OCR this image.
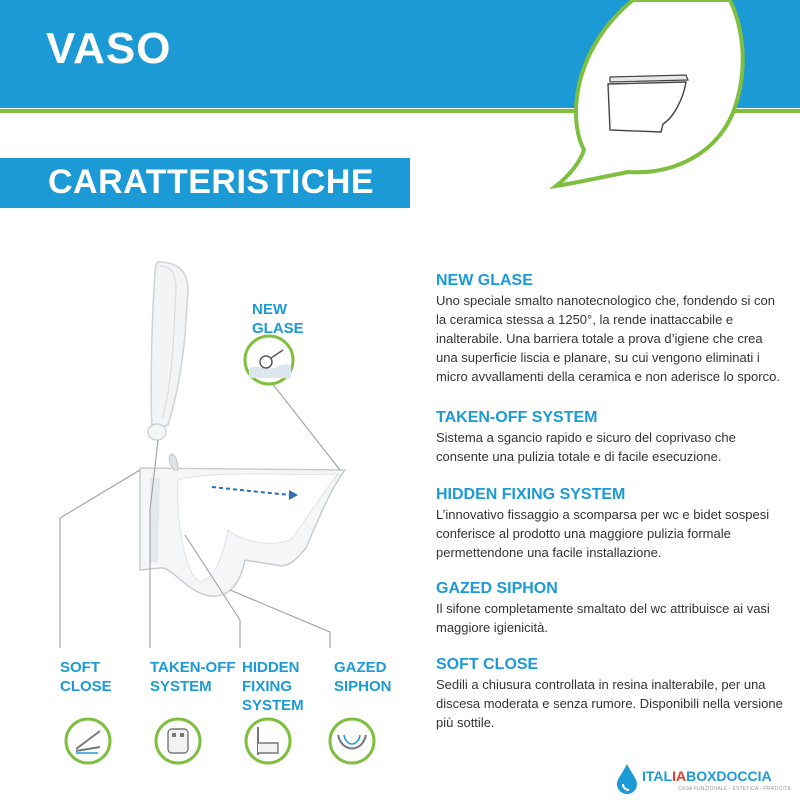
VASO
CARATTERISTICHE
NEW
GLASE
SOFT
CLOSE
TAKEN-OFF
SYSTEM
HIDDEN
FIXING
SYSTEM
GAZED
SIPHON
NEW GLASE

Uno speciale smalto nanotecnologico che, fondendo si con la ceramica stessa a 1250°, la rende inattaccabile e inalterabile. Una barriera totale a prova d’igiene che crea una superficie liscia e planare, su cui vengono eliminati i micro avvallamenti della ceramica e non aderisce lo sporco.

TAKEN-OFF SYSTEM

Sistema a sgancio rapido e sicuro del coprivaso che consente una pulizia totale e di facile esecuzione.

HIDDEN FIXING SYSTEM

L’innovativo fissaggio a scomparsa per wc e bidet sospesi conferisce al prodotto una maggiore pulizia formale permettendone una facile installazione.

GAZED SIPHON

Il sifone completamente smaltato del wc attribuisce ai vasi maggiore igienicità.

SOFT CLOSE

Sedili a chiusura controllata in resina inalterabile, per una discesa moderata e senza rumore. Disponibili nella versione più sottile.

ITALIABOXDOCCIA
CASA FUNZIONALE - ESTETICA - PRATICITÀ
